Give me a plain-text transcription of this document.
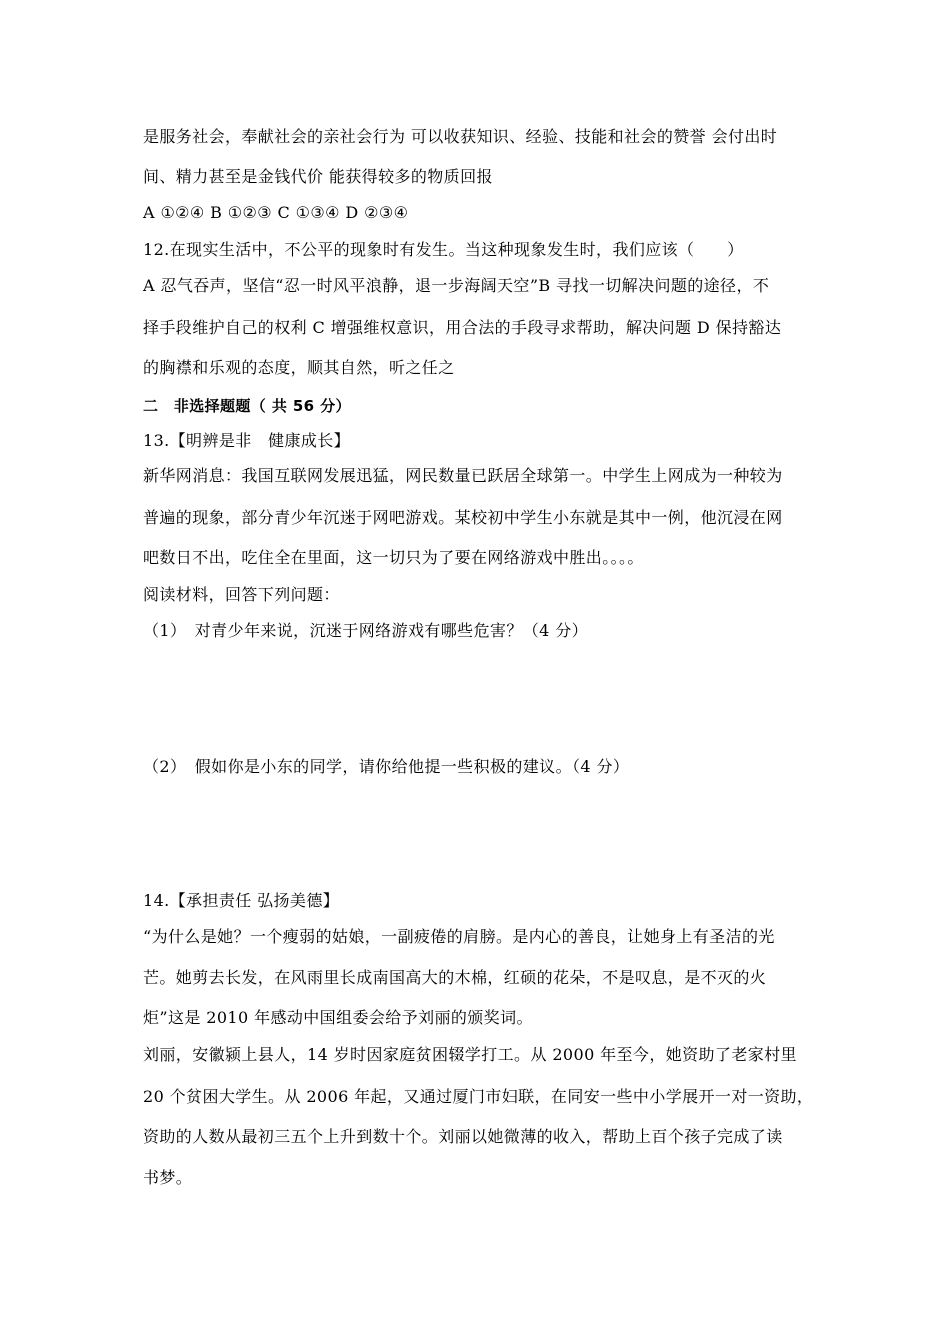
是服务社会，奉献社会的亲社会行为 可以收获知识、经验、技能和社会的赞誉 会付出时
间、精力甚至是金钱代价 能获得较多的物质回报
A ①②④ B ①②③ C ①③④ D ②③④
12.在现实生活中，不公平的现象时有发生。当这种现象发生时，我们应该（　　）
A 忍气吞声，坚信“忍一时风平浪静，退一步海阔天空”B 寻找一切解决问题的途径，不
择手段维护自己的权利 C 增强维权意识，用合法的手段寻求帮助，解决问题 D 保持豁达
的胸襟和乐观的态度，顺其自然，听之任之
二　非选择题题（ 共 56 分）
13.【明辨是非　健康成长】
新华网消息：我国互联网发展迅猛，网民数量已跃居全球第一。中学生上网成为一种较为
普遍的现象，部分青少年沉迷于网吧游戏。某校初中学生小东就是其中一例，他沉浸在网
吧数日不出，吃住全在里面，这一切只为了要在网络游戏中胜出。。。。
阅读材料，回答下列问题：
（1）　对青少年来说，沉迷于网络游戏有哪些危害？（4 分）
（2）　假如你是小东的同学，请你给他提一些积极的建议。（4 分）
14.【承担责任 弘扬美德】
“为什么是她？一个瘦弱的姑娘，一副疲倦的肩膀。是内心的善良，让她身上有圣洁的光
芒。她剪去长发，在风雨里长成南国高大的木棉，红硕的花朵，不是叹息，是不灭的火
炬”这是 2010 年感动中国组委会给予刘丽的颁奖词。
刘丽，安徽颍上县人，14 岁时因家庭贫困辍学打工。从 2000 年至今，她资助了老家村里
20 个贫困大学生。从 2006 年起，又通过厦门市妇联，在同安一些中小学展开一对一资助，
资助的人数从最初三五个上升到数十个。刘丽以她微薄的收入，帮助上百个孩子完成了读
书梦。
